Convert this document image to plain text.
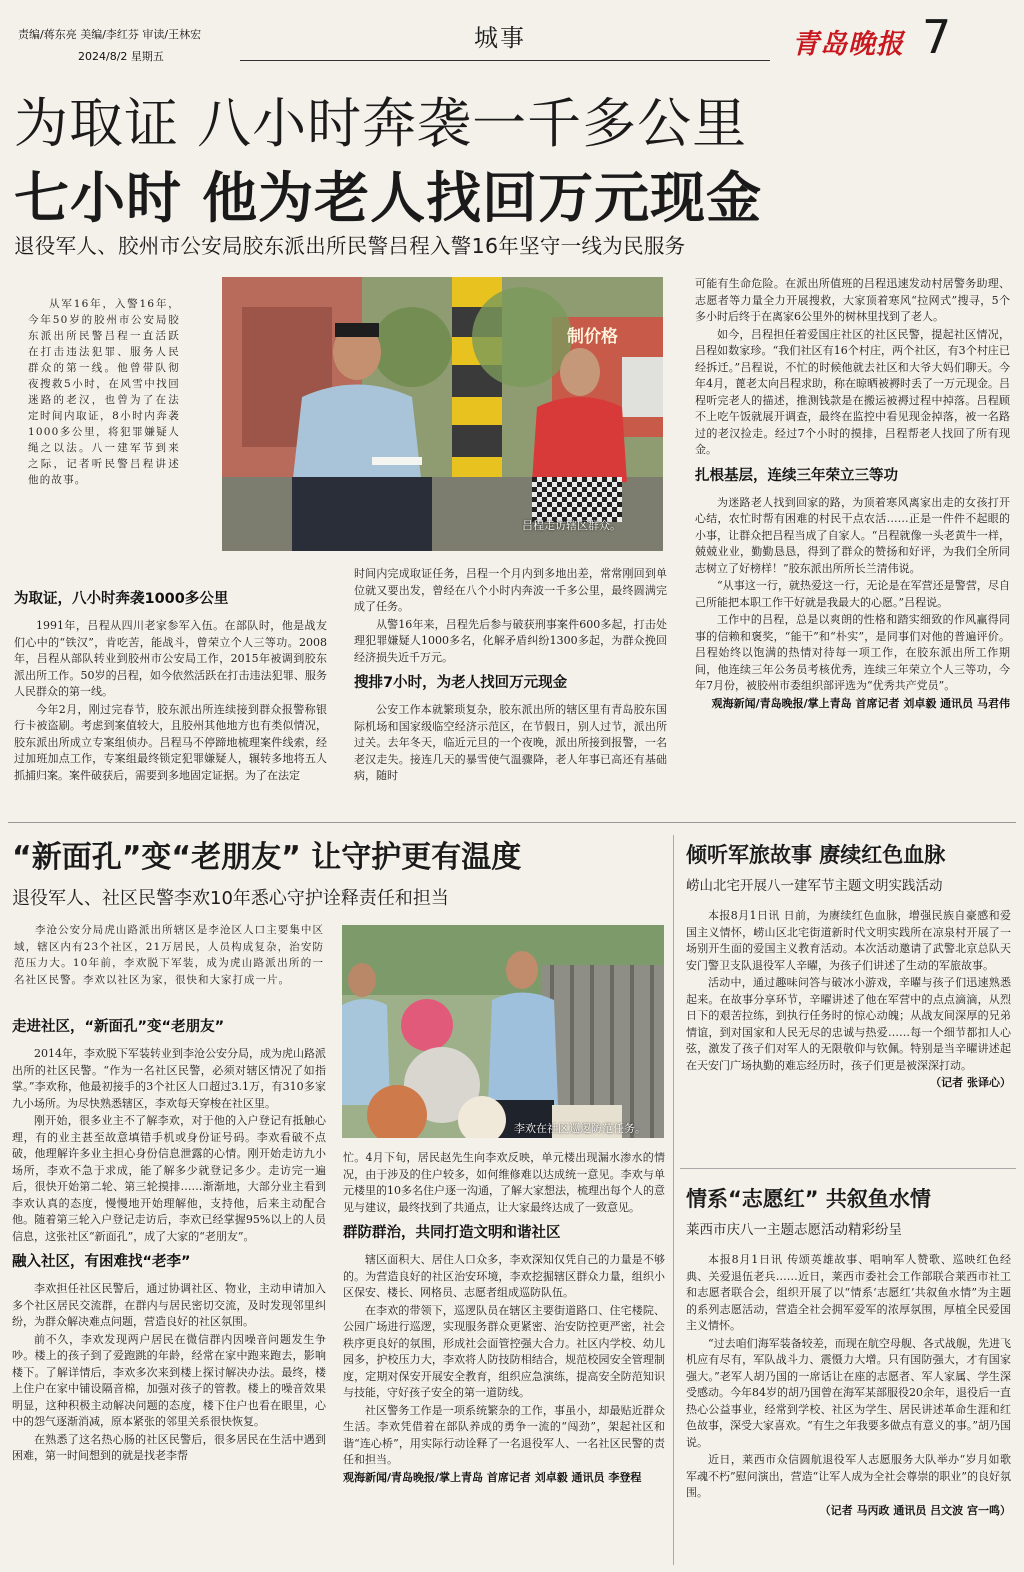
责编/蒋东亮 美编/李红芬 审读/王林宏
2024/8/2 星期五
城事	青岛晚报 7
为取证 八小时奔袭一千多公里
七小时 他为老人找回万元现金
退役军人、胶州市公安局胶东派出所民警吕程入警16年坚守一线为民服务

从军16年，入警16年，今年50岁的胶州市公安局胶东派出所民警吕程一直活跃在打击违法犯罪、服务人民群众的第一线。他曾带队彻夜搜救5小时，在风雪中找回迷路的老汉，也曾为了在法定时间内取证，8小时内奔袭1000多公里，将犯罪嫌疑人绳之以法。八一建军节到来之际，记者听民警吕程讲述他的故事。

制价格
吕程走访辖区群众。
为取证，八小时奔袭1000多公里

1991年，吕程从四川老家参军入伍。在部队时，他是战友们心中的“铁汉”，肯吃苦，能战斗，曾荣立个人三等功。2008年，吕程从部队转业到胶州市公安局工作，2015年被调到胶东派出所工作。50岁的吕程，如今依然活跃在打击违法犯罪、服务人民群众的第一线。

今年2月，刚过完春节，胶东派出所连续接到群众报警称银行卡被盗刷。考虑到案值较大，且胶州其他地方也有类似情况，胶东派出所成立专案组侦办。吕程马不停蹄地梳理案件线索，经过加班加点工作，专案组最终锁定犯罪嫌疑人，辗转多地将五人抓捕归案。案件破获后，需要到多地固定证据。为了在法定

时间内完成取证任务，吕程一个月内到多地出差，常常刚回到单位就又要出发，曾经在八个小时内奔波一千多公里，最终圆满完成了任务。

从警16年来，吕程先后参与破获刑事案件600多起，打击处理犯罪嫌疑人1000多名，化解矛盾纠纷1300多起，为群众挽回经济损失近千万元。

搜排7小时，为老人找回万元现金

公安工作本就繁琐复杂，胶东派出所的辖区里有青岛胶东国际机场和国家级临空经济示范区，在节假日，别人过节，派出所过关。去年冬天，临近元旦的一个夜晚，派出所接到报警，一名老汉走失。接连几天的暴雪使气温骤降，老人年事已高还有基础病，随时

可能有生命危险。在派出所值班的吕程迅速发动村居警务助理、志愿者等力量全力开展搜救，大家顶着寒风“拉网式”搜寻，5个多小时后终于在离家6公里外的树林里找到了老人。

如今，吕程担任着爱国庄社区的社区民警，提起社区情况，吕程如数家珍。“我们社区有16个村庄，两个社区，有3个村庄已经拆迁。”吕程说，不忙的时候他就去社区和大爷大妈们聊天。今年4月，蓖老太向吕程求助，称在晾晒被褥时丢了一万元现金。吕程听完老人的描述，推测钱款是在搬运被褥过程中掉落。吕程顾不上吃午饭就展开调查，最终在监控中看见现金掉落，被一名路过的老汉捡走。经过7个小时的摸排，吕程帮老人找回了所有现金。

扎根基层，连续三年荣立三等功

为迷路老人找到回家的路，为顶着寒风离家出走的女孩打开心结，农忙时帮有困难的村民干点农活……正是一件件不起眼的小事，让群众把吕程当成了自家人。“吕程就像一头老黄牛一样，兢兢业业，勤勤恳恳，得到了群众的赞扬和好评，为我们全所同志树立了好榜样！”胶东派出所所长兰清伟说。

“从事这一行，就热爱这一行，无论是在军营还是警营，尽自己所能把本职工作干好就是我最大的心愿。”吕程说。

工作中的吕程，总是以爽朗的性格和踏实细致的作风赢得同事的信赖和褒奖，“能干”和“朴实”，是同事们对他的普遍评价。吕程始终以饱满的热情对待每一项工作，在胶东派出所工作期间，他连续三年公务员考核优秀，连续三年荣立个人三等功，今年7月份，被胶州市委组织部评选为“优秀共产党员”。

观海新闻/青岛晚报/掌上青岛 首席记者 刘卓毅 通讯员 马君伟

“新面孔”变“老朋友” 让守护更有温度
退役军人、社区民警李欢10年悉心守护诠释责任和担当

李沧公安分局虎山路派出所辖区是李沧区人口主要集中区域，辖区内有23个社区，21万居民，人员构成复杂，治安防范压力大。10年前，李欢脱下军装，成为虎山路派出所的一名社区民警。李欢以社区为家，很快和大家打成一片。

李欢在社区巡逻防范任务。
走进社区，“新面孔”变“老朋友”

2014年，李欢脱下军装转业到李沧公安分局，成为虎山路派出所的社区民警。“作为一名社区民警，必须对辖区情况了如指掌。”李欢称，他最初接手的3个社区人口超过3.1万，有310多家九小场所。为尽快熟悉辖区，李欢每天穿梭在社区里。

刚开始，很多业主不了解李欢，对于他的入户登记有抵触心理，有的业主甚至故意填错手机或身份证号码。李欢看破不点破，他理解许多业主担心身份信息泄露的心情。刚开始走访九小场所，李欢不急于求成，能了解多少就登记多少。走访完一遍后，很快开始第二轮、第三轮摸排……渐渐地，大部分业主看到李欢认真的态度，慢慢地开始理解他，支持他，后来主动配合他。随着第三轮入户登记走访后，李欢已经掌握95%以上的人员信息，这张社区“新面孔”，成了大家的“老朋友”。

融入社区，有困难找“老李”

李欢担任社区民警后，通过协调社区、物业，主动申请加入多个社区居民交流群，在群内与居民密切交流，及时发现邻里纠纷，为群众解决难点问题，营造良好的社区氛围。

前不久，李欢发现两户居民在微信群内因噪音问题发生争吵。楼上的孩子到了爱跑跳的年龄，经常在家中跑来跑去，影响楼下。了解详情后，李欢多次来到楼上探讨解决办法。最终，楼上住户在家中铺设隔音棉，加强对孩子的管教。楼上的噪音效果明显，这种积极主动解决问题的态度，楼下住户也看在眼里，心中的怨气逐渐消减，原本紧张的邻里关系很快恢复。

在熟悉了这名热心肠的社区民警后，很多居民在生活中遇到困难，第一时间想到的就是找老李帮

忙。4月下旬，居民赵先生向李欢反映，单元楼出现漏水渗水的情况，由于涉及的住户较多，如何维修难以达成统一意见。李欢与单元楼里的10多名住户逐一沟通，了解大家想法，梳理出每个人的意见与建议，最终找到了共通点，让大家最终达成了一致意见。

群防群治，共同打造文明和谐社区

辖区面积大、居住人口众多，李欢深知仅凭自己的力量是不够的。为营造良好的社区治安环境，李欢挖掘辖区群众力量，组织小区保安、楼长、网格员、志愿者组成巡防队伍。

在李欢的带领下，巡逻队员在辖区主要街道路口、住宅楼院、公园广场进行巡逻，实现服务群众更紧密、治安防控更严密，社会秩序更良好的氛围，形成社会面管控强大合力。社区内学校、幼儿园多，护校压力大，李欢将人防技防相结合，规范校园安全管理制度，定期对保安开展安全教育，组织应急演练，提高安全防范知识与技能，守好孩子安全的第一道防线。

社区警务工作是一项系统繁杂的工作，事虽小，却最贴近群众生活。李欢凭借着在部队养成的勇争一流的“闯劲”，架起社区和谐“连心桥”，用实际行动诠释了一名退役军人、一名社区民警的责任和担当。

观海新闻/青岛晚报/掌上青岛 首席记者 刘卓毅 通讯员 李登程

倾听军旅故事 赓续红色血脉
崂山北宅开展八一建军节主题文明实践活动

本报8月1日讯 日前，为赓续红色血脉，增强民族自豪感和爱国主义情怀，崂山区北宅街道新时代文明实践所在凉泉村开展了一场别开生面的爱国主义教育活动。本次活动邀请了武警北京总队天安门警卫支队退役军人辛曜，为孩子们讲述了生动的军旅故事。

活动中，通过趣味问答与破冰小游戏，辛曜与孩子们迅速熟悉起来。在故事分享环节，辛曜讲述了他在军营中的点点滴滴，从烈日下的艰苦拉练，到执行任务时的惊心动魄；从战友间深厚的兄弟情谊，到对国家和人民无尽的忠诚与热爱……每一个细节都扣人心弦，激发了孩子们对军人的无限敬仰与钦佩。特别是当辛曜讲述起在天安门广场执勤的难忘经历时，孩子们更是被深深打动。

（记者 张译心）

情系“志愿红” 共叙鱼水情
莱西市庆八一主题志愿活动精彩纷呈

本报8月1日讯 传颂英雄故事、唱响军人赞歌、巡映红色经典、关爱退伍老兵……近日，莱西市委社会工作部联合莱西市社工和志愿者联合会，组织开展了以“情系‘志愿红’共叙鱼水情”为主题的系列志愿活动，营造全社会拥军爱军的浓厚氛围，厚植全民爱国主义情怀。

“过去咱们海军装备较差，而现在航空母舰、各式战舰，先进飞机应有尽有，军队战斗力、震慑力大增。只有国防强大，才有国家强大。”老军人胡乃国的一席话让在座的志愿者、军人家属、学生深受感动。今年84岁的胡乃国曾在海军某部服役20余年，退役后一直热心公益事业，经常到学校、社区为学生、居民讲述革命生涯和红色故事，深受大家喜欢。“有生之年我要多做点有意义的事。”胡乃国说。

近日，莱西市众信圆航退役军人志愿服务大队举办“岁月如歌 军魂不朽”慰问演出，营造“让军人成为全社会尊崇的职业”的良好氛围。

（记者 马丙政 通讯员 吕文波 宫一鸣）
